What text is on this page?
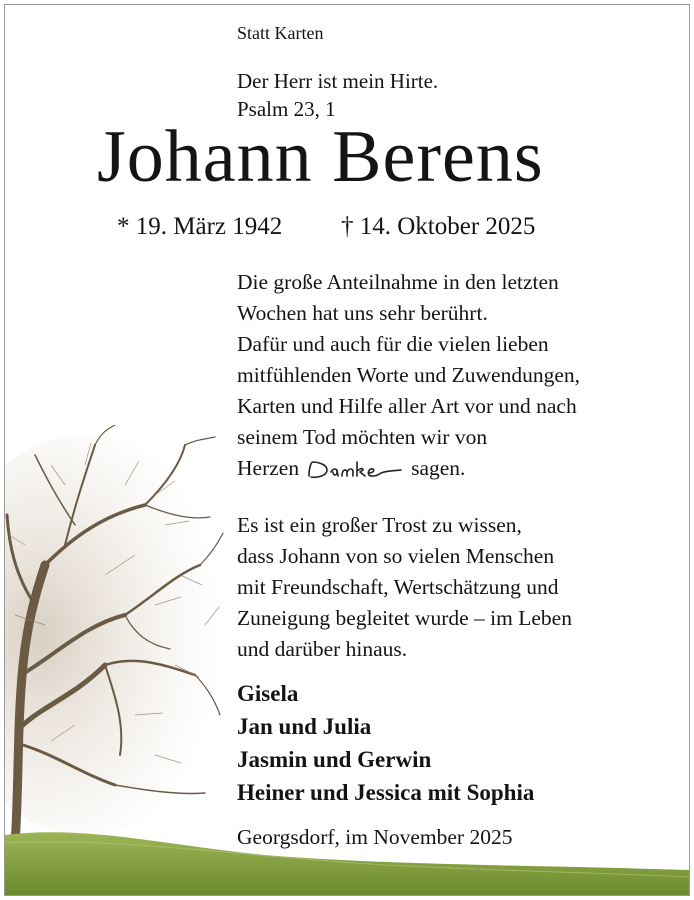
Statt Karten
Der Herr ist mein Hirte.
Psalm 23, 1
Johann Berens
* 19. März 1942 † 14. Oktober 2025
Die große Anteilnahme in den letzten
Wochen hat uns sehr berührt.
Dafür und auch für die vielen lieben
mitfühlenden Worte und Zuwendungen,
Karten und Hilfe aller Art vor und nach
seinem Tod möchten wir von
Herzen	sagen.
Es ist ein großer Trost zu wissen,
dass Johann von so vielen Menschen
mit Freundschaft, Wertschätzung und
Zuneigung begleitet wurde – im Leben
und darüber hinaus.
Gisela
Jan und Julia
Jasmin und Gerwin
Heiner und Jessica mit Sophia
Georgsdorf, im November 2025
